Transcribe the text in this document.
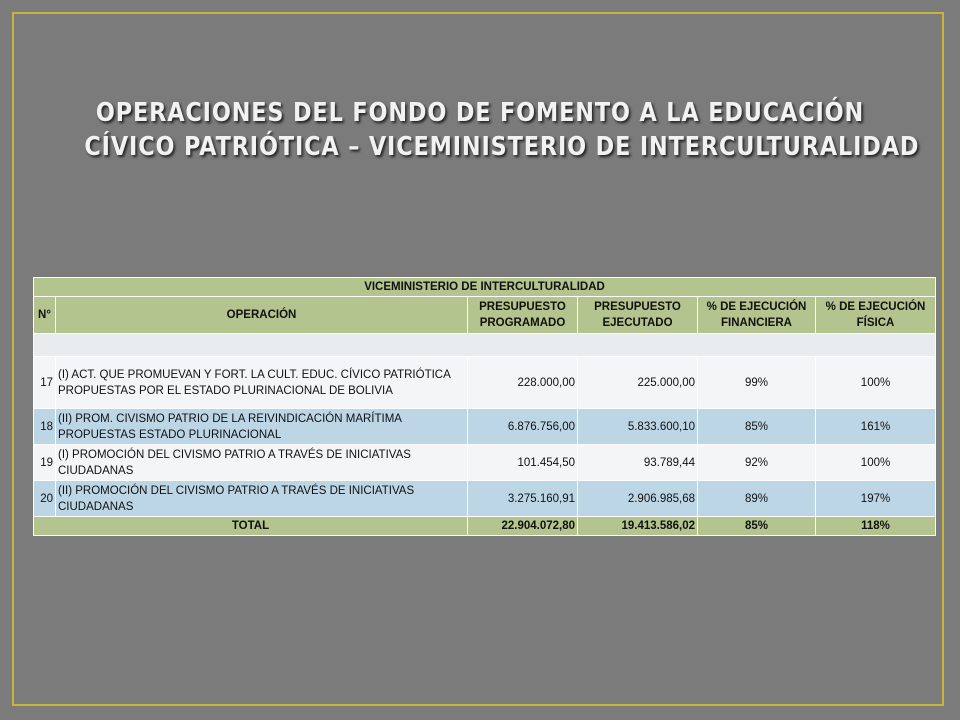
OPERACIONES DEL FONDO DE FOMENTO A LA EDUCACIÓN
CÍVICO PATRIÓTICA – VICEMINISTERIO DE INTERCULTURALIDAD
VICEMINISTERIO DE INTERCULTURALIDAD					
N°	OPERACIÓN	PRESUPUESTO PROGRAMADO	PRESUPUESTO EJECUTADO	% DE EJECUCIÓN FINANCIERA	% DE EJECUCIÓN FÍSICA

17	(I) ACT. QUE PROMUEVAN Y FORT. LA CULT. EDUC. CÍVICO PATRIÓTICA PROPUESTAS POR EL ESTADO PLURINACIONAL DE BOLIVIA	228.000,00	225.000,00	99%	100%
18	(II) PROM. CIVISMO PATRIO DE LA REIVINDICACIÓN MARÍTIMA PROPUESTAS ESTADO PLURINACIONAL	6.876.756,00	5.833.600,10	85%	161%
19	(I) PROMOCIÓN DEL CIVISMO PATRIO A TRAVÉS DE INICIATIVAS CIUDADANAS	101.454,50	93.789,44	92%	100%
20	(II) PROMOCIÓN DEL CIVISMO PATRIO A TRAVÉS DE INICIATIVAS CIUDADANAS	3.275.160,91	2.906.985,68	89%	197%
TOTAL		22.904.072,80	19.413.586,02	85%	118%
